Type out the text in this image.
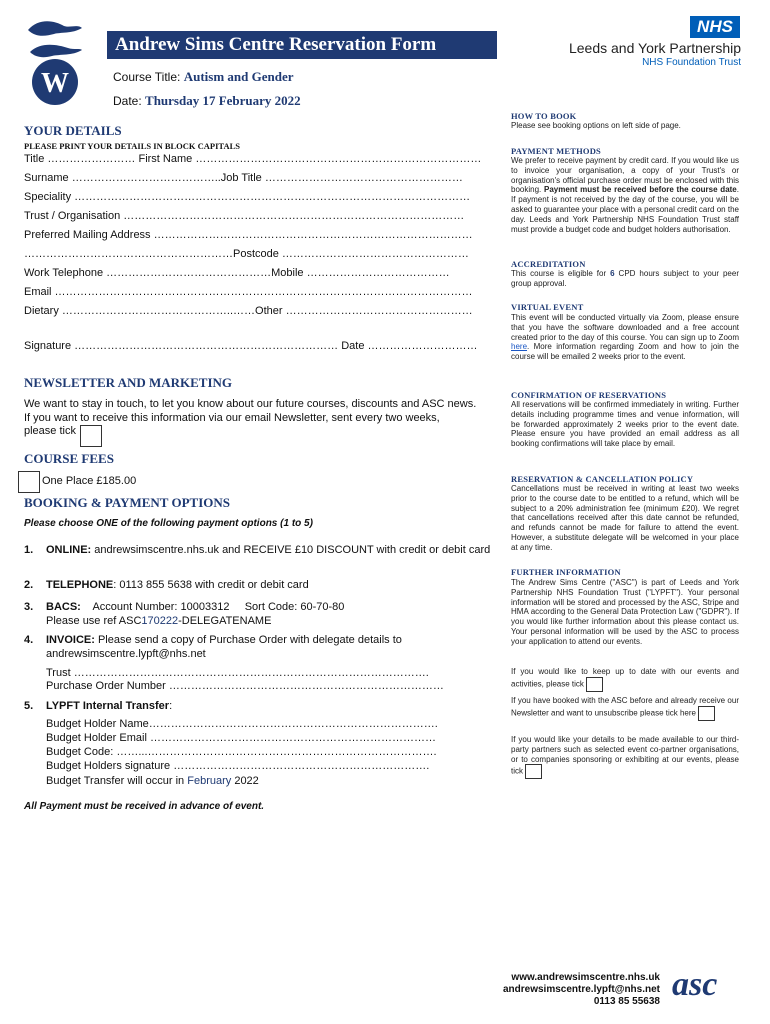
W
Andrew Sims Centre Reservation Form
Course Title: Autism and Gender
Date: Thursday 17 February 2022
NHS
Leeds and York Partnership
NHS Foundation Trust
YOUR DETAILS
PLEASE PRINT YOUR DETAILS IN BLOCK CAPITALS
Title …………………… First Name ……………………………………………………………………
Surname …………………………………..Job Title ………………………………………………
Speciality ………………………………………………………………………………………………
Trust / Organisation …………………………………………………………………………………
Preferred Mailing Address ……………………………………………………………………………
…………………………………………………Postcode ……………………………………………
Work Telephone ………………………………………Mobile …………………………………
Email ……………………………………………………………………………………………………
Dietary ………………………………………..……Other ……………………………………………
Signature ……………………………………………………………… Date …………………………
NEWSLETTER AND MARKETING
We want to stay in touch, to let you know about our future courses, discounts and ASC news.
If you want to receive this information via our email Newsletter, sent every two weeks,
please tick
COURSE FEES
One Place £185.00
BOOKING & PAYMENT OPTIONS
Please choose ONE of the following payment options (1 to 5)
1. ONLINE: andrewsimscentre.nhs.uk and RECEIVE £10 DISCOUNT with credit or debit card
2. TELEPHONE: 0113 855 5638 with credit or debit card
3. BACS:    Account Number: 10003312     Sort Code: 60-70-80
Please use ref ASC170222-DELEGATENAME
4. INVOICE: Please send a copy of Purchase Order with delegate details to andrewsimscentre.lypft@nhs.net
Trust …………………………………………………………………………………….
Purchase Order Number …………………………………………………………………
5. LYPFT Internal Transfer:
Budget Holder Name…………………………………………………………………….
Budget Holder Email ……………………………………………………………………
Budget Code: ……...…………………………………………………………………….
Budget Holders signature …………………………………………………………….
Budget Transfer will occur in February 2022
All Payment must be received in advance of event.
HOW TO BOOK
Please see booking options on left side of page.
PAYMENT METHODS
We prefer to receive payment by credit card. If you would like us to invoice your organisation, a copy of your Trust's or organisation's official purchase order must be enclosed with this booking. Payment must be received before the course date. If payment is not received by the day of the course, you will be asked to guarantee your place with a personal credit card on the day. Leeds and York Partnership NHS Foundation Trust staff must provide a budget code and budget holders authorisation.
ACCREDITATION
This course is eligible for 6 CPD hours subject to your peer group approval.
VIRTUAL EVENT
This event will be conducted virtually via Zoom, please ensure that you have the software downloaded and a free account created prior to the day of this course. You can sign up to Zoom here. More information regarding Zoom and how to join the course will be emailed 2 weeks prior to the event.
CONFIRMATION OF RESERVATIONS
All reservations will be confirmed immediately in writing. Further details including programme times and venue information, will be forwarded approximately 2 weeks prior to the event date. Please ensure you have provided an email address as all booking confirmations will take place by email.
RESERVATION & CANCELLATION POLICY
Cancellations must be received in writing at least two weeks prior to the course date to be entitled to a refund, which will be subject to a 20% administration fee (minimum £20). We regret that cancellations received after this date cannot be refunded, and refunds cannot be made for failure to attend the event. However, a substitute delegate will be welcomed in your place at any time.
FURTHER INFORMATION
The Andrew Sims Centre ("ASC") is part of Leeds and York Partnership NHS Foundation Trust ("LYPFT"). Your personal information will be stored and processed by the ASC, Stripe and HMA according to the General Data Protection Law ("GDPR"). If you would like further information about this please contact us. Your personal information will be used by the ASC to process your application to attend our events.
If you would like to keep up to date with our events and activities, please tick
If you have booked with the ASC before and already receive our Newsletter and want to unsubscribe please tick here
If you would like your details to be made available to our third-party partners such as selected event co-partner organisations, or to companies sponsoring or exhibiting at our events, please tick
www.andrewsimscentre.nhs.uk
andrewsimscentre.lypft@nhs.net
0113 85 55638 asc
